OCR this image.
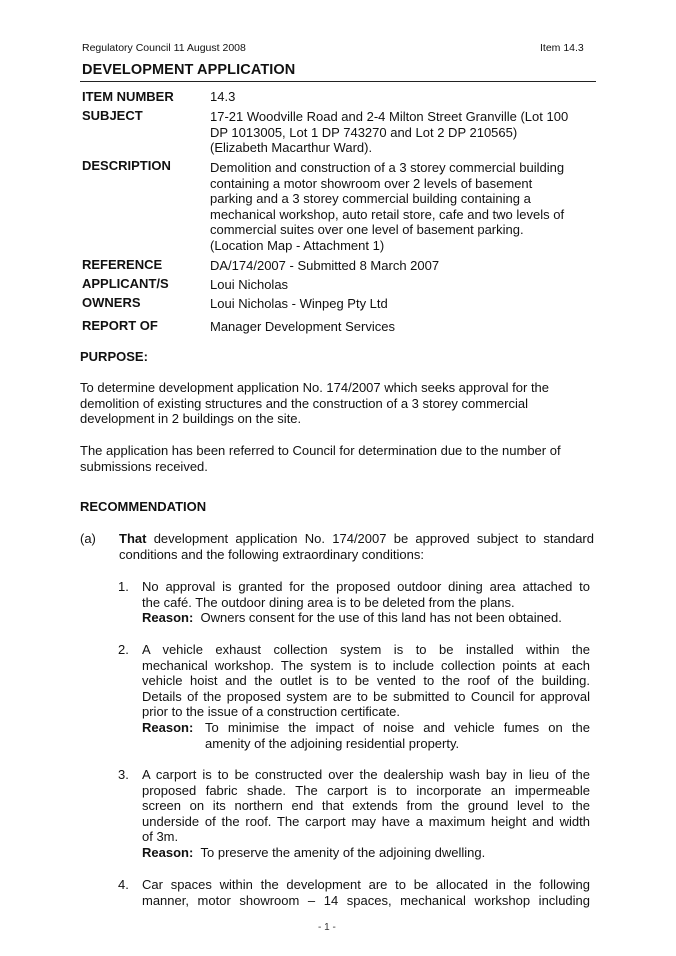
Regulatory Council 11 August 2008	Item 14.3
DEVELOPMENT APPLICATION
ITEM NUMBER	14.3
SUBJECT	17-21 Woodville Road and 2-4 Milton Street Granville (Lot 100
DP 1013005, Lot 1 DP 743270 and Lot 2 DP 210565)
(Elizabeth Macarthur Ward).
DESCRIPTION	Demolition and construction of a 3 storey commercial building
containing a motor showroom over 2 levels of basement
parking and a 3 storey commercial building containing a
mechanical workshop, auto retail store, cafe and two levels of
commercial suites over one level of basement parking.
(Location Map - Attachment 1)
REFERENCE	DA/174/2007 - Submitted 8 March 2007
APPLICANT/S	Loui Nicholas
OWNERS	Loui Nicholas - Winpeg Pty Ltd
REPORT OF	Manager Development Services
PURPOSE:
To determine development application No. 174/2007 which seeks approval for the
demolition of existing structures and the construction of a 3 storey commercial
development in 2 buildings on the site.
The application has been referred to Council for determination due to the number of
submissions received.
RECOMMENDATION
(a) That development application No. 174/2007 be approved subject to standard
conditions and the following extraordinary conditions:
1. No approval is granted for the proposed outdoor dining area attached to
the café. The outdoor dining area is to be deleted from the plans.
Reason: Owners consent for the use of this land has not been obtained.
2. A vehicle exhaust collection system is to be installed within the
mechanical workshop. The system is to include collection points at each
vehicle hoist and the outlet is to be vented to the roof of the building.
Details of the proposed system are to be submitted to Council for approval
prior to the issue of a construction certificate.
Reason: To minimise the impact of noise and vehicle fumes on the
amenity of the adjoining residential property.
3. A carport is to be constructed over the dealership wash bay in lieu of the
proposed fabric shade. The carport is to incorporate an impermeable
screen on its northern end that extends from the ground level to the
underside of the roof. The carport may have a maximum height and width
of 3m.
Reason: To preserve the amenity of the adjoining dwelling.
4. Car spaces within the development are to be allocated in the following
manner, motor showroom – 14 spaces, mechanical workshop including
- 1 -
